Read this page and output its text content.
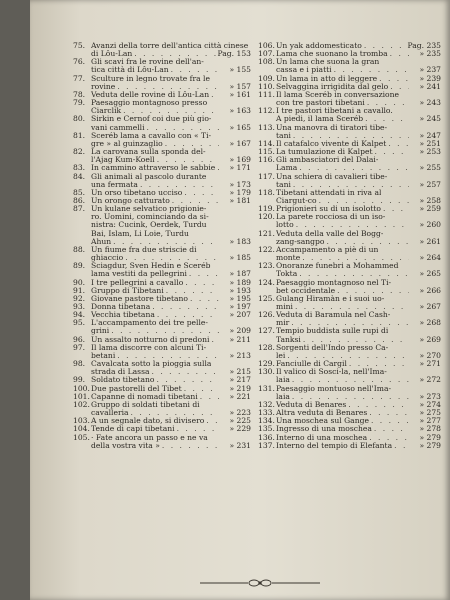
75. Avanzi della torre dell'antica città cinese
di Lôu-Lan . . .	Pag. 153
76. Gli scavi fra le rovine dell'an-
tica città di Lôu-Lan . . .	» 155
77. Sculture in legno trovate fra le
rovine . . .	» 157
78. Veduta delle rovine di Lôu-Lan . . .	» 161
79. Paesaggio montagnoso presso
Ciarclik . . .	» 163
80. Sirkin e Cernof coi due più gio-
vani cammelli . . .	» 165
81. Sceréb lama a cavallo con « Ti-
gre » al guinzaglio . . .	» 167
82. La carovana sulla sponda del-
l'Ajag Kum-Koell . . .	» 169
83. In cammino attraverso le sabbie . . .	» 171
84. Gli animali al pascolo durante
una fermata . . .	» 173
85. Un orso tibetano ucciso . . .	» 179
86. Un orongo catturato . . .	» 181
87. Un kulane selvatico prigionie-
ro. Uomini, cominciando da si-
nistra: Cucink, Oerdek, Turdu
Bai, Islam, Li Loie, Turdu
Ahun . . .	» 183
88. Un fiume fra due striscie di
ghiaccio . . .	» 185
89. Sciagdur, Sven Hedin e Sceréb
lama vestiti da pellegrini . . .	» 187
90. I tre pellegrini a cavallo . . .	» 189
91. Gruppo di Tibetani . . .	» 193
92. Giovane pastore tibetano . . .	» 195
93. Donna tibetana . . .	» 197
94. Vecchia tibetana . . .	» 207
95. L'accampamento dei tre pelle-
grini . . .	» 209
96. Un assalto notturno di predoni . . .	» 211
97. Il lama discorre con alcuni Ti-
betani . . .	» 213
98. Cavalcata sotto la pioggia sulla
strada di Lassa . . .	» 215
99. Soldato tibetano . . .	» 217
100. Due pastorelli del Tibet . . .	» 219
101. Capanne di nomadi tibetani . . .	» 221
102. Gruppo di soldati tibetani di
cavalleria . . .	» 223
103. A un segnale dato, si divisero . . .	» 225
104. Tende di capi tibetani . . .	» 229
105. · Fate ancora un passo e ne va
della vostra vita » . . .	» 231
106. Un yak addomesticato . . .	Pag. 235
107. Lama che suonano la tromba . . .	» 235
108. Un lama che suona la gran
cassa e i piatti . . .	» 237
109. Un lama in atto di leggere . . .	» 239
110. Selvaggina irrigidita dal gelo . . .	» 241
111. Il lama Sceréb in conversazione
con tre pastori tibetani . . .	» 243
112. I tre pastori tibetani a cavallo.
A piedi, il lama Sceréb . . .	» 245
113. Una manovra di tiratori tibe-
tani . . .	» 247
114. Il catafalco vivente di Kalpet . . .	» 251
115. La tumulazione di Kalpet . . .	» 253
116. Gli ambasciatori del Dalai-
Lama . . .	» 255
117. Una schiera di cavalieri tibe-
tani . . .	» 257
118. Tibetani attendati in riva al
Ciargut-co . . .	» 258
119. Prigionieri su di un isolotto . . .	» 259
120. La parete rocciosa di un iso-
lotto . . .	» 260
121. Veduta della valle del Bogg-
zang-sangpo . . .	» 261
122. Accampamento a piè di un
monte . . .	» 264
123. Onoranze funebri a Mohammed
Tokta . . .	» 265
124. Paesaggio montagnoso nel Ti-
bet occidentale . . .	» 266
125. Gulang Hiramàn e i suoi uo-
mini . . .	» 267
126. Veduta di Baramula nel Cash-
mir . . .	» 268
127. Tempio buddista sulle rupi di
Tanksi . . .	» 269
128. Sorgenti dell'Indo presso Ca-
lei . . .	» 270
129. Fanciulle di Cargil . . .	» 271
130. Il valico di Sosci-la, nell'Ima-
laia . . .	» 272
131. Paesaggio montuoso nell'Ima-
laia . . .	» 273
132. Veduta di Benares . . .	» 274
133. Altra veduta di Benares . . .	» 275
134. Una moschea sul Gange . . .	» 277
135. Ingresso di una moschea . . .	» 278
136. Interno di una moschea . . .	» 279
137. Interno del tempio di Elefanta . . .	» 279
